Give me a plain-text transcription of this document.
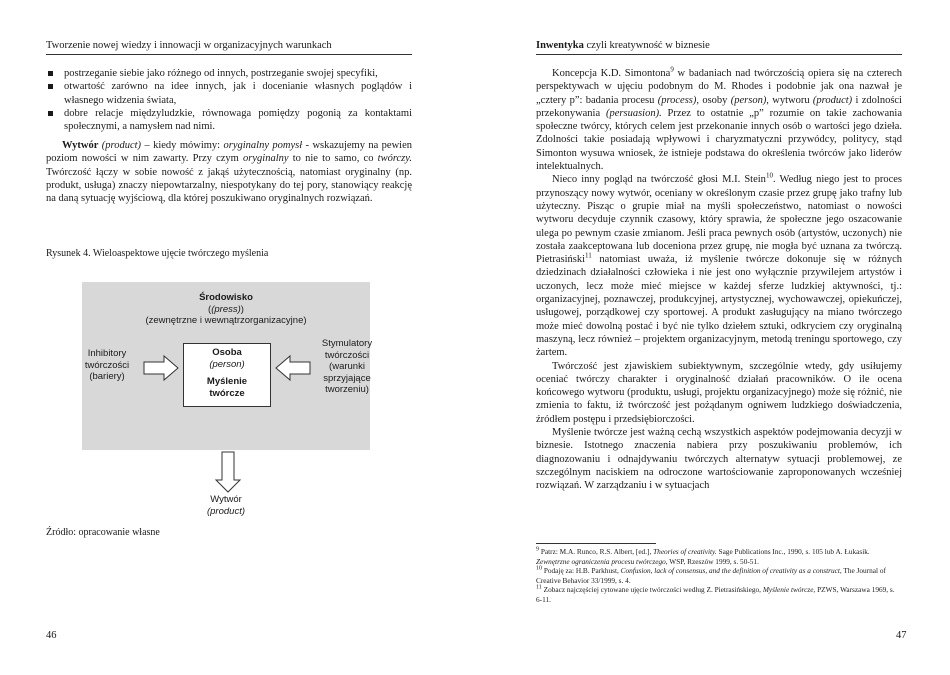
Tworzenie nowej wiedzy i innowacji w organizacyjnych warunkach
postrzeganie siebie jako różnego od innych, postrzeganie swojej specyfiki,
otwartość zarówno na idee innych, jak i docenianie własnych poglądów i własnego widzenia świata,
dobre relacje międzyludzkie, równowaga pomiędzy pogonią za kontaktami społecznymi, a namysłem nad nimi.

Wytwór (product) – kiedy mówimy: oryginalny pomysł - wskazujemy na pewien poziom nowości w nim zawarty. Przy czym oryginalny to nie to samo, co twórczy. Twórczość łączy w sobie nowość z jakąś użytecznością, natomiast oryginalny (np. produkt, usługa) znaczy niepowtarzalny, niespotykany do tej pory, stanowiący reakcję na daną sytuację wyjściową, dla której poszukiwano oryginalnych rozwiązań.

Rysunek 4. Wieloaspektowe ujęcie twórczego myślenia
Środowisko
((press))
(zewnętrzne i wewnątrzorganizacyjne)
Osoba
(person)
Myślenie
twórcze
Inhibitory
twórczości
(bariery)
Stymulatory
twórczości
(warunki
sprzyjające
tworzeniu)
Wytwór
(product)
Źródło: opracowanie własne
46
Inwentyka czyli kreatywność w biznesie

Koncepcja K.D. Simontona$^9$ w badaniach nad twórczością opiera się na czterech perspektywach w ujęciu podobnym do M. Rhodes i podobnie jak ona nazwał je „cztery p”: badania procesu (process), osoby (person), wytworu (product) i zdolności przekonywania (persuasion). Przez to ostatnie „p” rozumie on takie zachowania społeczne twórcy, których celem jest przekonanie innych osób o wartości jego dzieła. Zdolności takie posiadają wpływowi i charyzmatyczni przywódcy, politycy, stąd Simonton wysuwa wniosek, że istnieje podstawa do określenia twórców jako liderów intelektualnych.

Nieco inny pogląd na twórczość głosi M.I. Stein$^{10}$. Według niego jest to proces przynoszący nowy wytwór, oceniany w określonym czasie przez grupę jako trafny lub użyteczny. Pisząc o grupie miał na myśli społeczeństwo, natomiast o nowości wytworu decyduje czynnik czasowy, który sprawia, że społeczne jego oszacowanie ulega po pewnym czasie zmianom. Jeśli praca pewnych osób (artystów, uczonych) nie została zaakceptowana lub doceniona przez grupę, nie mogła być uznana za twórczą. Pietrasiński$^{11}$ natomiast uważa, iż myślenie twórcze dokonuje się w różnych dziedzinach działalności człowieka i nie jest ono wyłącznie przywilejem artystów i uczonych, lecz może mieć miejsce w każdej sferze ludzkiej aktywności, tj.: organizacyjnej, poznawczej, produkcyjnej, artystycznej, wychowawczej, opiekuńczej, usługowej, porządkowej czy sportowej. A produkt zasługujący na miano twórczego może mieć dowolną postać i być nie tylko dziełem sztuki, odkryciem czy oryginalną maszyną, lecz również – projektem organizacyjnym, metodą treningu sportowego, czy żartem.

Twórczość jest zjawiskiem subiektywnym, szczególnie wtedy, gdy usiłujemy oceniać twórczy charakter i oryginalność działań pracowników. O ile ocena końcowego wytworu (produktu, usługi, projektu organizacyjnego) może się różnić, nie zmienia to faktu, iż twórczość jest pożądanym ogniwem ludzkiego doświadczenia, źródłem postępu i przedsiębiorczości.

Myślenie twórcze jest ważną cechą wszystkich aspektów podejmowania decyzji w biznesie. Istotnego znaczenia nabiera przy poszukiwaniu problemów, ich diagnozowaniu i odnajdywaniu twórczych alternatyw sytuacji problemowej, ze szczególnym naciskiem na odroczone wartościowanie zaproponowanych wcześniej rozwiązań. W zarządzaniu i w sytuacjach

$^9$ Patrz: M.A. Runco, R.S. Albert, [ed.], Theories of creativity. Sage Publications Inc., 1990, s. 105 lub A. Łukasik. Zewnętrzne ograniczenia procesu twórczego, WSP, Rzeszów 1999, s. 50-51.
$^{10}$ Podaję za: H.B. Parkhust, Confusion, lack of consensus, and the definition of creativity as a construct, The Journal of Creative Behavior 33/1999, s. 4.
$^{11}$ Zobacz najczęściej cytowane ujęcie twórczości według Z. Pietrasińskiego, Myślenie twórcze, PZWS, Warszawa 1969, s. 6-11.
47
